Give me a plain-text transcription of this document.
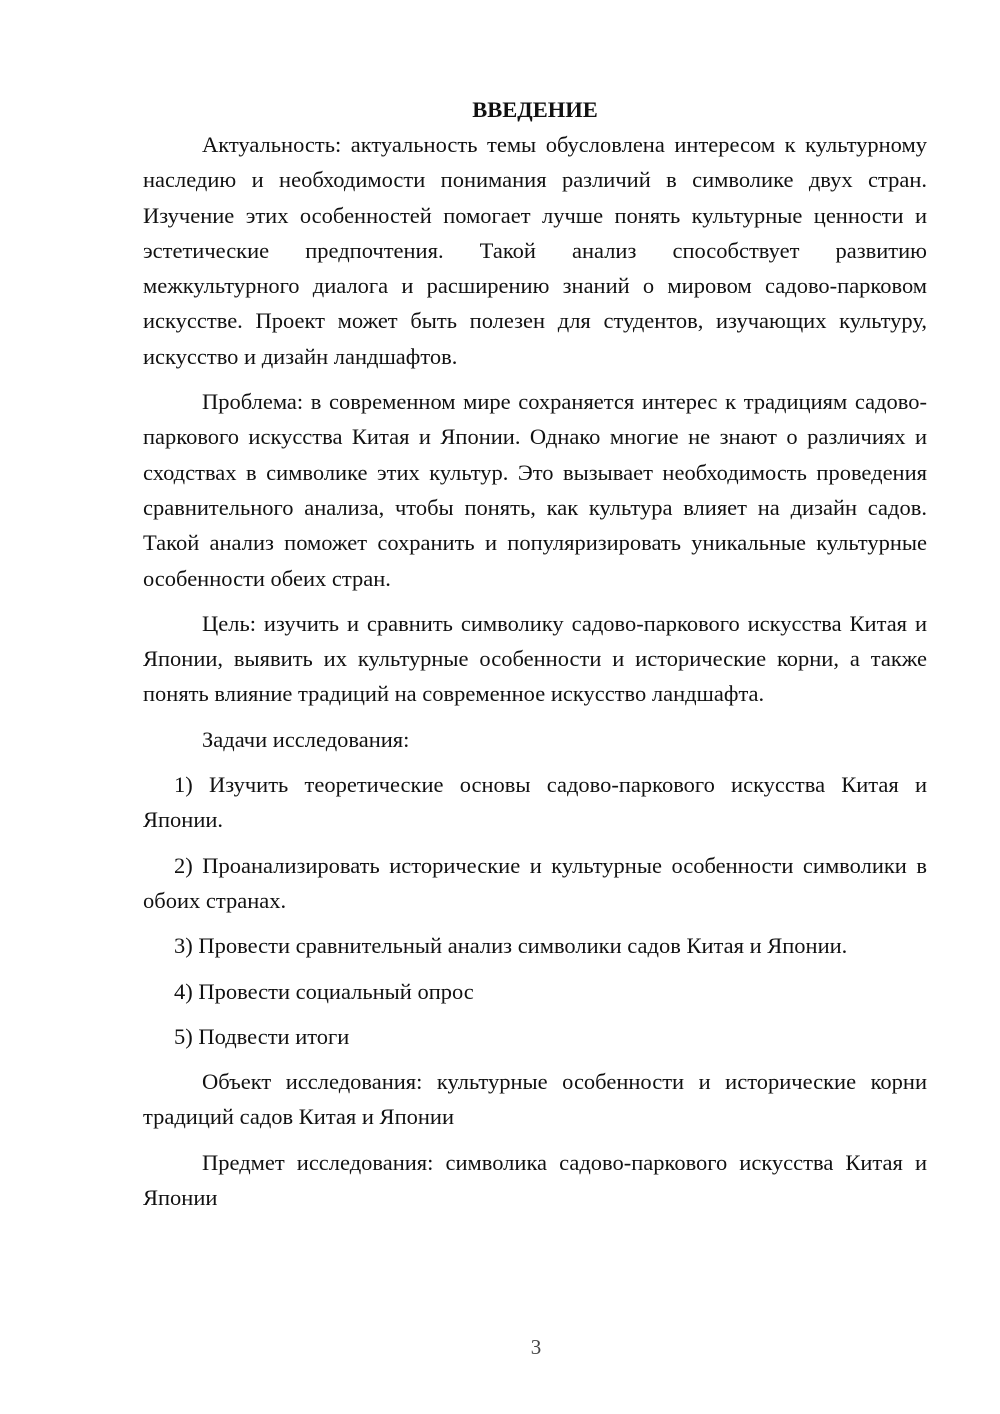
ВВЕДЕНИЕ

Актуальность: актуальность темы обусловлена интересом к культурному наследию и необходимости понимания различий в символике двух стран. Изучение этих особенностей помогает лучше понять культурные ценности и эстетические предпочтения. Такой анализ способствует развитию межкультурного диалога и расширению знаний о мировом садово-парковом искусстве. Проект может быть полезен для студентов, изучающих культуру, искусство и дизайн ландшафтов.

Проблема: в современном мире сохраняется интерес к традициям садово-паркового искусства Китая и Японии. Однако многие не знают о различиях и сходствах в символике этих культур. Это вызывает необходимость проведения сравнительного анализа, чтобы понять, как культура влияет на дизайн садов. Такой анализ поможет сохранить и популяризировать уникальные культурные особенности обеих стран.

Цель: изучить и сравнить символику садово-паркового искусства Китая и Японии, выявить их культурные особенности и исторические корни, а также понять влияние традиций на современное искусство ландшафта.

Задачи исследования:

1) Изучить теоретические основы садово-паркового искусства Китая и Японии.

2) Проанализировать исторические и культурные особенности символики в обоих странах.

3) Провести сравнительный анализ символики садов Китая и Японии.

4) Провести социальный опрос

5) Подвести итоги

Объект исследования: культурные особенности и исторические корни традиций садов Китая и Японии

Предмет исследования: символика садово-паркового искусства Китая и Японии

3
